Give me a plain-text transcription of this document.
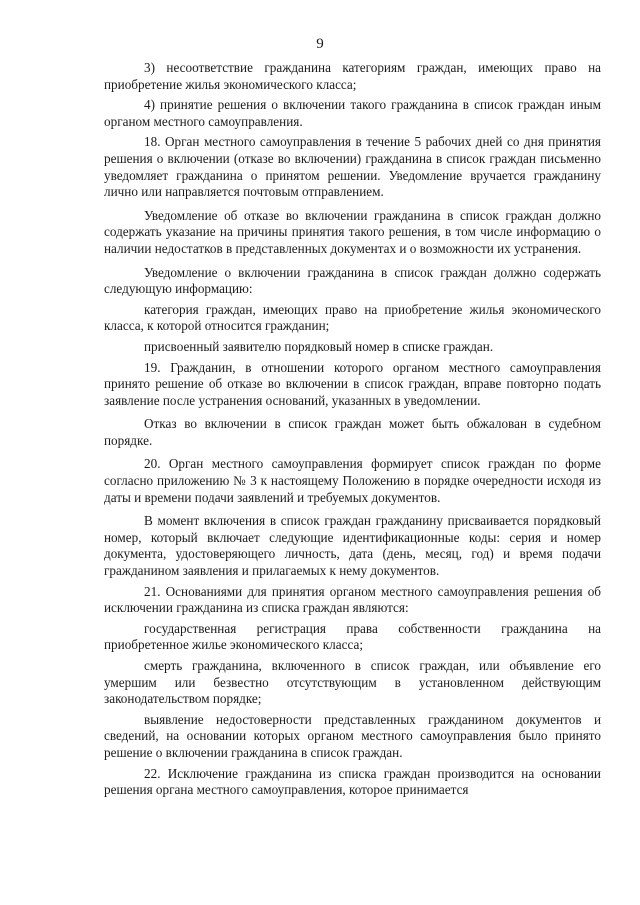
9

3) несоответствие гражданина категориям граждан, имеющих право на приобретение жилья экономического класса;

4) принятие решения о включении такого гражданина в список граждан иным органом местного самоуправления.

18. Орган местного самоуправления в течение 5 рабочих дней со дня принятия решения о включении (отказе во включении) гражданина в список граждан письменно уведомляет гражданина о принятом решении. Уведомление вручается гражданину лично или направляется почтовым отправлением.

Уведомление об отказе во включении гражданина в список граждан должно содержать указание на причины принятия такого решения, в том числе информацию о наличии недостатков в представленных документах и о возможности их устранения.

Уведомление о включении гражданина в список граждан должно содержать следующую информацию:

категория граждан, имеющих право на приобретение жилья экономического класса, к которой относится гражданин;

присвоенный заявителю порядковый номер в списке граждан.

19. Гражданин, в отношении которого органом местного самоуправления принято решение об отказе во включении в список граждан, вправе повторно подать заявление после устранения оснований, указанных в уведомлении.

Отказ во включении в список граждан может быть обжалован в судебном порядке.

20. Орган местного самоуправления формирует список граждан по форме согласно приложению № 3 к настоящему Положению в порядке очередности исходя из даты и времени подачи заявлений и требуемых документов.

В момент включения в список граждан гражданину присваивается порядковый номер, который включает следующие идентификационные коды: серия и номер документа, удостоверяющего личность, дата (день, месяц, год) и время подачи гражданином заявления и прилагаемых к нему документов.

21. Основаниями для принятия органом местного самоуправления решения об исключении гражданина из списка граждан являются:

государственная регистрация права собственности гражданина на приобретенное жилье экономического класса;

смерть гражданина, включенного в список граждан, или объявление его умершим или безвестно отсутствующим в установленном действующим законодательством порядке;

выявление недостоверности представленных гражданином документов и сведений, на основании которых органом местного самоуправления было принято решение о включении гражданина в список граждан.

22. Исключение гражданина из списка граждан производится на основании решения органа местного самоуправления, которое принимается
